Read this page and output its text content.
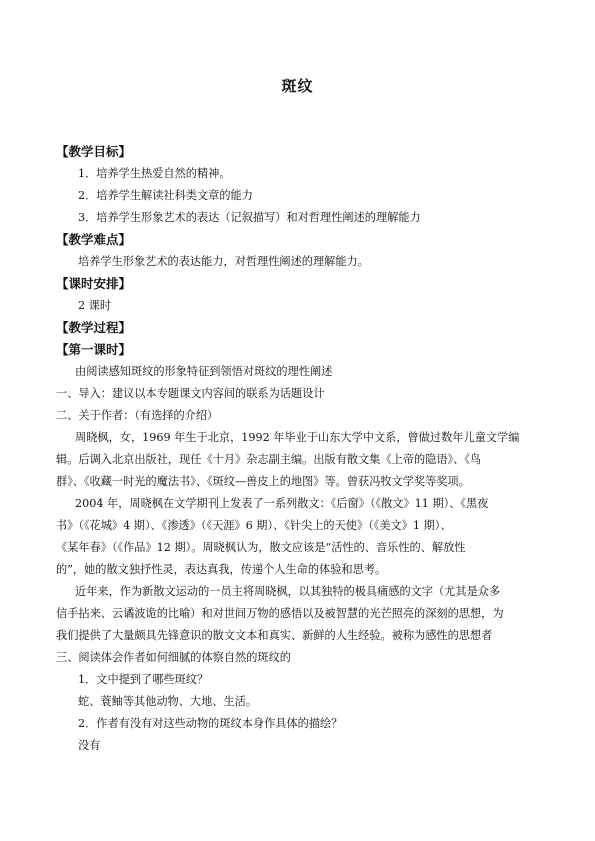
斑纹
【教学目标】
1．培养学生热爱自然的精神。
2．培养学生解读社科类文章的能力
3．培养学生形象艺术的表达（记叙描写）和对哲理性阐述的理解能力
【教学难点】
培养学生形象艺术的表达能力，对哲理性阐述的理解能力。
【课时安排】
2 课时
【教学过程】
【第一课时】
由阅读感知斑纹的形象特征到领悟对斑纹的理性阐述
一、导入：建议以本专题课文内容间的联系为话题设计
二、关于作者：（有选择的介绍）
周晓枫，女，1969 年生于北京，1992 年毕业于山东大学中文系，曾做过数年儿童文学编
辑。后调入北京出版社，现任《十月》杂志副主编。出版有散文集《上帝的隐语》、《鸟
群》、《收藏一时光的魔法书》、《斑纹—兽皮上的地图》等。曾获冯牧文学奖等奖项。
2004 年，周晓枫在文学期刊上发表了一系列散文：《后窗》（《散文》11 期）、《黑夜
书》（《花城》4 期）、《渗透》（《天涯》6 期）、《针尖上的天使》（《美文》1 期）、
《某年春》（《作品》12 期）。周晓枫认为，散文应该是“活性的、音乐性的、解放性
的”，她的散文独抒性灵，表达真我，传递个人生命的体验和思考。
近年来，作为新散文运动的一员主将周晓枫，以其独特的极具痛感的文字（尤其是众多
信手拈来、云谲波诡的比喻）和对世间万物的感悟以及被智慧的光芒照亮的深刻的思想，为
我们提供了大量颇具先锋意识的散文文本和真实、新鲜的人生经验。被称为感性的思想者
三、阅读体会作者如何细腻的体察自然的斑纹的
1．文中提到了哪些斑纹？
蛇、蓑鲉等其他动物、大地、生活。
2．作者有没有对这些动物的斑纹本身作具体的描绘？
没有
